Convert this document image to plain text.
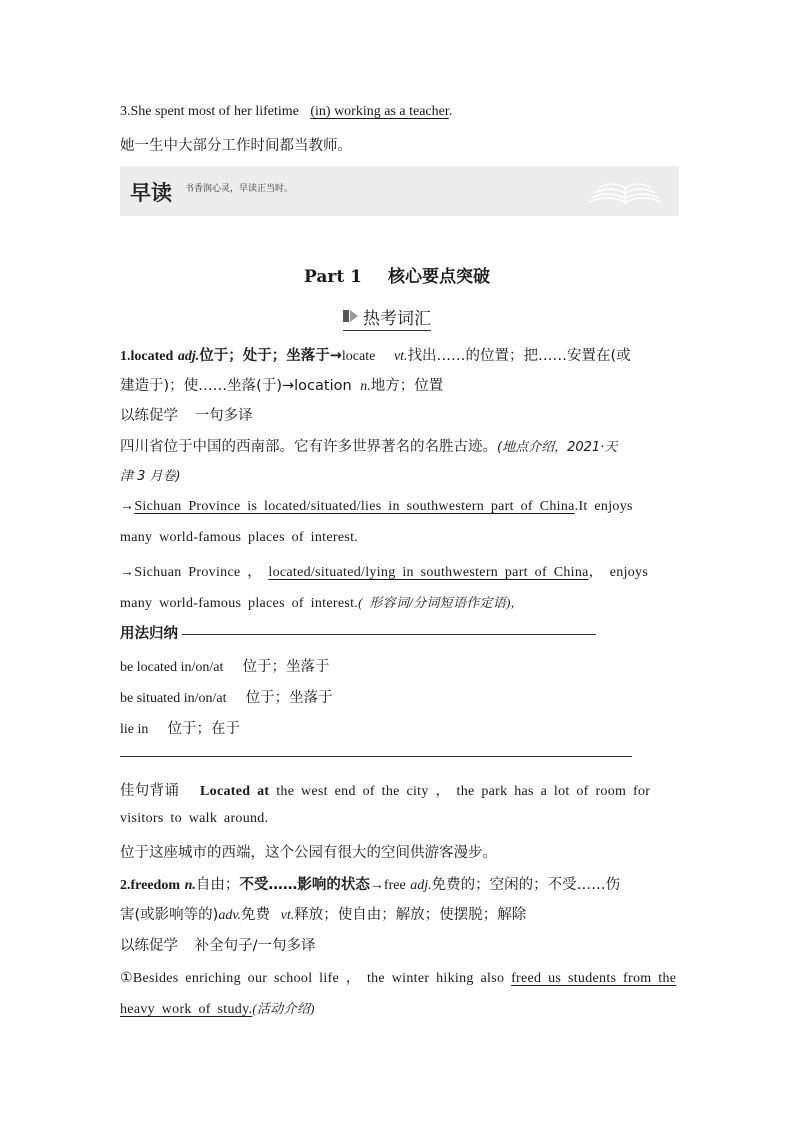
3.She spent most of her lifetime (in) working as a teacher.
她一生中大部分工作时间都当教师。
早读 书香润心灵，早读正当时。
Part 1 核心要点突破
热考词汇
1.located adj.位于；处于；坐落于→locate vt.找出……的位置；把……安置在(或
建造于)；使……坐落(于)→location n.地方；位置
以练促学 一句多译
四川省位于中国的西南部。它有许多世界著名的名胜古迹。(地点介绍，2021·天
津 3 月卷)
→Sichuan Province is located/situated/lies in southwestern part of China.It enjoys
many world-famous places of interest.
→Sichuan Province ， located/situated/lying in southwestern part of China， enjoys
many world-famous places of interest.( 形容词/分词短语作定语),
用法归纳
be located in/on/at 位于；坐落于
be situated in/on/at 位于；坐落于
lie in 位于；在于
佳句背诵 Located at the west end of the city ， the park has a lot of room for
visitors to walk around.
位于这座城市的西端，这个公园有很大的空间供游客漫步。
2.freedom n.自由；不受……影响的状态→free adj.免费的；空闲的；不受……伤
害(或影响等的)adv.免费 vt.释放；使自由；解放；使摆脱；解除
以练促学 补全句子/一句多译
①Besides enriching our school life ， the winter hiking also freed us students from the
heavy work of study.(活动介绍)
